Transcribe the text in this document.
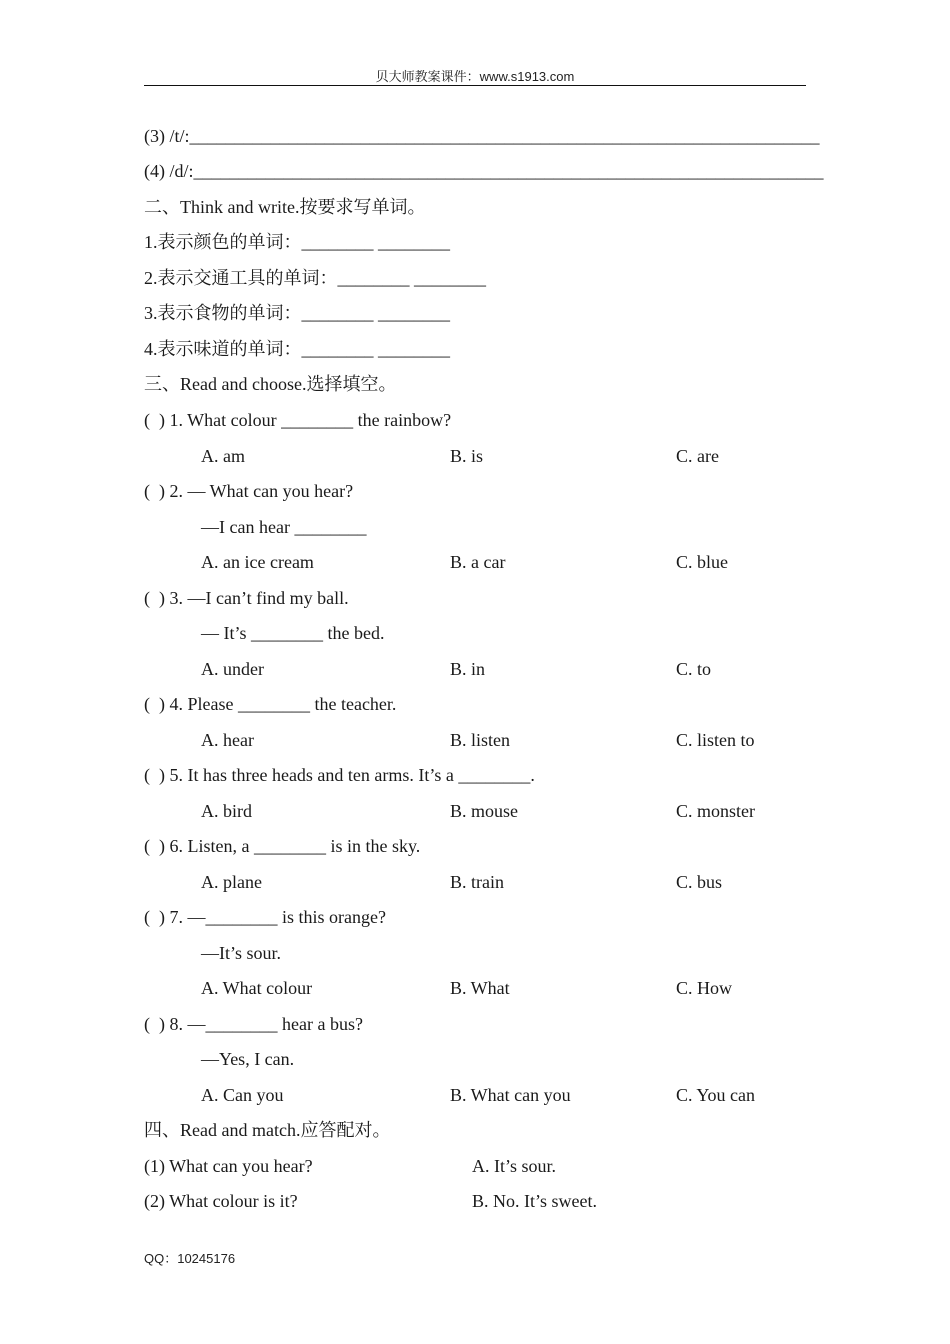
贝大师教案课件：www.s1913.com
(3) /t/:______________________________________________________________________
(4) /d/:______________________________________________________________________
二、Think and write.按要求写单词。
1.表示颜色的单词：________ ________
2.表示交通工具的单词：________ ________
3.表示食物的单词：________ ________
4.表示味道的单词：________ ________
三、Read and choose.选择填空。
(  ) 1. What colour ________ the rainbow?
A. am	B. is	C. are
(  ) 2. — What can you hear?
—I can hear ________
A. an ice cream	B. a car	C. blue
(  ) 3. —I can’t find my ball.
— It’s ________ the bed.
A. under	B. in	C. to
(  ) 4. Please ________ the teacher.
A. hear	B. listen	C. listen to
(  ) 5. It has three heads and ten arms. It’s a ________.
A. bird	B. mouse	C. monster
(  ) 6. Listen, a ________ is in the sky.
A. plane	B. train	C. bus
(  ) 7. —________ is this orange?
—It’s sour.
A. What colour	B. What	C. How
(  ) 8. —________ hear a bus?
—Yes, I can.
A. Can you	B. What can you	C. You can
四、Read and match.应答配对。
(1) What can you hear?	A. It’s sour.
(2) What colour is it?	B. No. It’s sweet.
QQ：10245176
